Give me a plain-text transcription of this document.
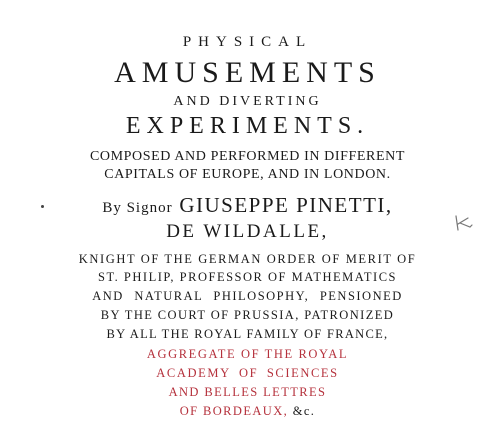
PHYSICAL
AMUSEMENTS
AND DIVERTING
EXPERIMENTS.
COMPOSED AND PERFORMED IN DIFFERENT
CAPITALS OF EUROPE, AND IN LONDON.
By Signor GIUSEPPE PINETTI,
DE WILDALLE,
KNIGHT OF THE GERMAN ORDER OF MERIT OF
ST. PHILIP, PROFESSOR OF MATHEMATICS
AND NATURAL PHILOSOPHY, PENSIONED
BY THE COURT OF PRUSSIA, PATRONIZED
BY ALL THE ROYAL FAMILY OF FRANCE,
AGGREGATE OF THE ROYAL
ACADEMY OF SCIENCES
AND BELLES LETTRES
OF BORDEAUX, &c.
